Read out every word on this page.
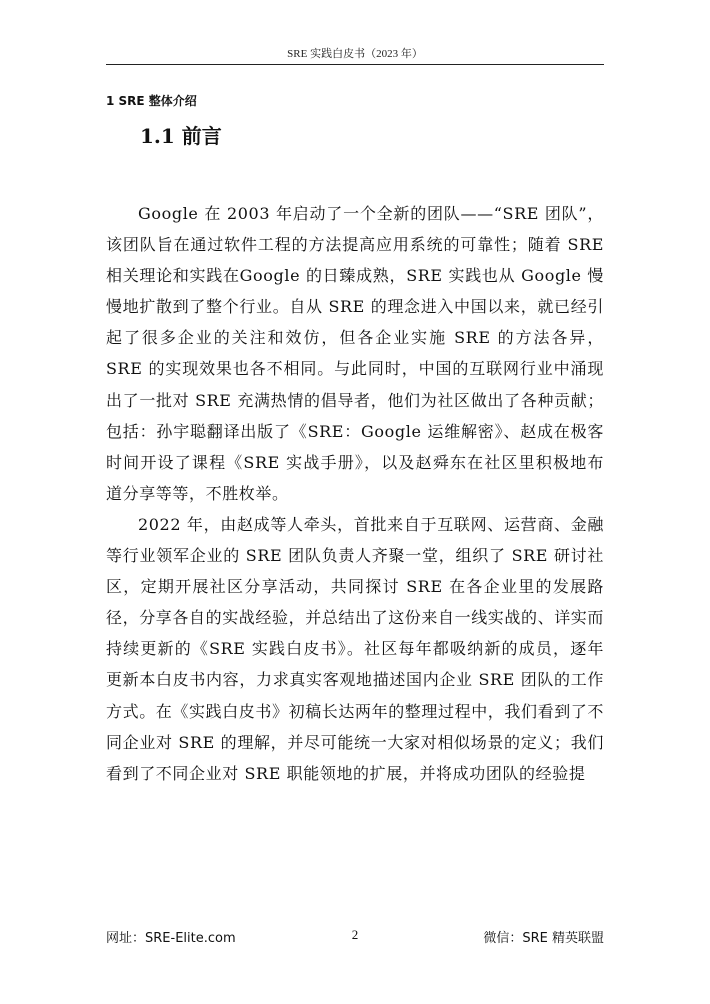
SRE 实践白皮书（2023 年）
1 SRE 整体介绍
1.1 前言

Google 在 2003 年启动了一个全新的团队——“SRE 团队”，该团队旨在通过软件工程的方法提高应用系统的可靠性；随着 SRE 相关理论和实践在Google 的日臻成熟，SRE 实践也从 Google 慢慢地扩散到了整个行业。自从 SRE 的理念进入中国以来，就已经引起了很多企业的关注和效仿，但各企业实施 SRE 的方法各异，SRE 的实现效果也各不相同。与此同时，中国的互联网行业中涌现出了一批对 SRE 充满热情的倡导者，他们为社区做出了各种贡献；包括：孙宇聪翻译出版了《SRE：Google 运维解密》、赵成在极客时间开设了课程《SRE 实战手册》，以及赵舜东在社区里积极地布道分享等等，不胜枚举。

2022 年，由赵成等人牵头，首批来自于互联网、运营商、金融等行业领军企业的 SRE 团队负责人齐聚一堂，组织了 SRE 研讨社区，定期开展社区分享活动，共同探讨 SRE 在各企业里的发展路径，分享各自的实战经验，并总结出了这份来自一线实战的、详实而持续更新的《SRE 实践白皮书》。社区每年都吸纳新的成员，逐年更新本白皮书内容，力求真实客观地描述国内企业 SRE 团队的工作方式。在《实践白皮书》初稿长达两年的整理过程中，我们看到了不同企业对 SRE 的理解，并尽可能统一大家对相似场景的定义；我们看到了不同企业对 SRE 职能领地的扩展，并将成功团队的经验提

网址：SRE-Elite.com	2	微信：SRE 精英联盟
